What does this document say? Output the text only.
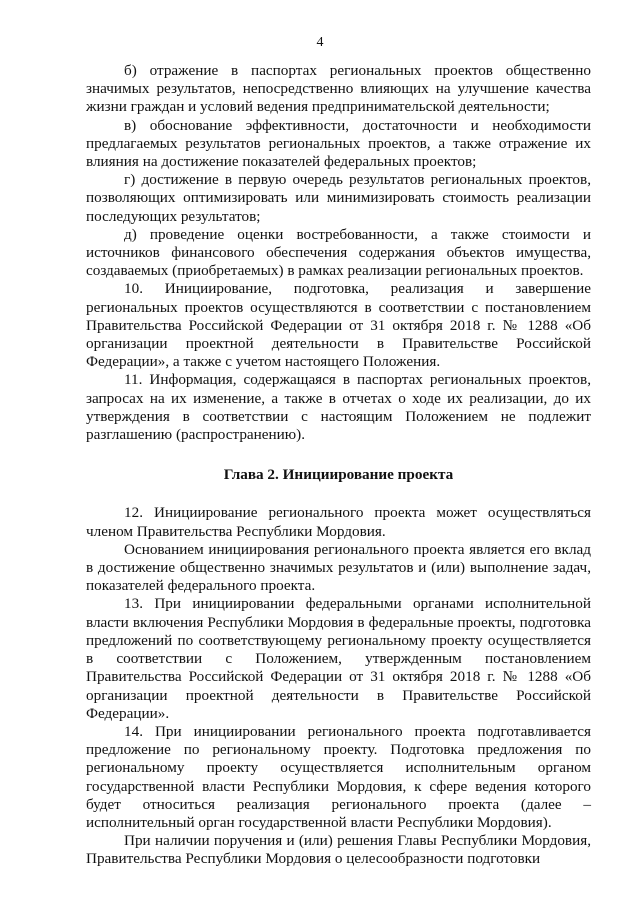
4

б) отражение в паспортах региональных проектов общественно значимых результатов, непосредственно влияющих на улучшение качества жизни граждан и условий ведения предпринимательской деятельности;

в) обоснование эффективности, достаточности и необходимости предлагаемых результатов региональных проектов, а также отражение их влияния на достижение показателей федеральных проектов;

г) достижение в первую очередь результатов региональных проектов, позволяющих оптимизировать или минимизировать стоимость реализации последующих результатов;

д) проведение оценки востребованности, а также стоимости и источников финансового обеспечения содержания объектов имущества, создаваемых (приобретаемых) в рамках реализации региональных проектов.

10. Инициирование, подготовка, реализация и завершение региональных проектов осуществляются в соответствии с постановлением Правительства Российской Федерации от 31 октября 2018 г. № 1288 «Об организации проектной деятельности в Правительстве Российской Федерации», а также с учетом настоящего Положения.

11. Информация, содержащаяся в паспортах региональных проектов, запросах на их изменение, а также в отчетах о ходе их реализации, до их утверждения в соответствии с настоящим Положением не подлежит разглашению (распространению).

Глава 2. Инициирование проекта

12. Инициирование регионального проекта может осуществляться членом Правительства Республики Мордовия.

Основанием инициирования регионального проекта является его вклад в достижение общественно значимых результатов и (или) выполнение задач, показателей федерального проекта.

13. При инициировании федеральными органами исполнительной власти включения Республики Мордовия в федеральные проекты, подготовка предложений по соответствующему региональному проекту осуществляется в соответствии с Положением, утвержденным постановлением Правительства Российской Федерации от 31 октября 2018 г. № 1288 «Об организации проектной деятельности в Правительстве Российской Федерации».

14. При инициировании регионального проекта подготавливается предложение по региональному проекту. Подготовка предложения по региональному проекту осуществляется исполнительным органом государственной власти Республики Мордовия, к сфере ведения которого будет относиться реализация регионального проекта (далее – исполнительный орган государственной власти Республики Мордовия).

При наличии поручения и (или) решения Главы Республики Мордовия, Правительства Республики Мордовия о целесообразности подготовки
